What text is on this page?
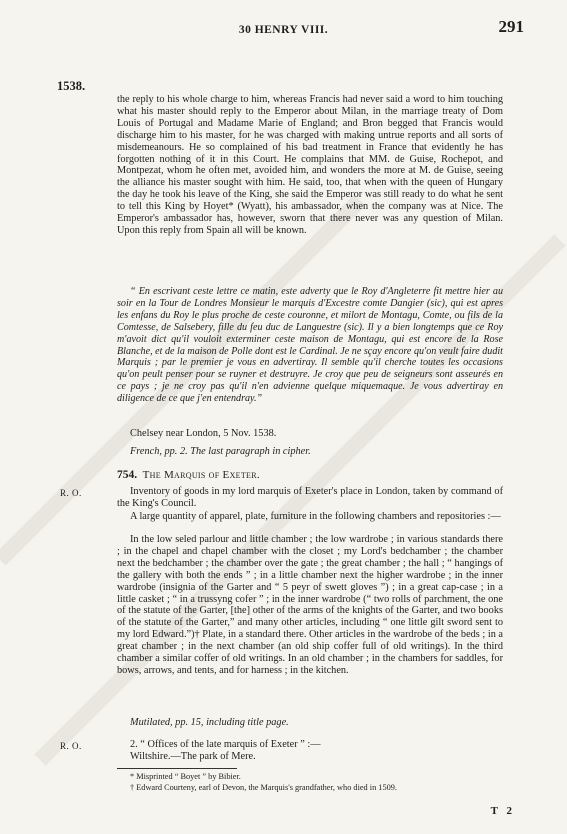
30 HENRY VIII.	291
1538.

the reply to his whole charge to him, whereas Francis had never said a word to him touching what his master should reply to the Emperor about Milan, in the marriage treaty of Dom Louis of Portugal and Madame Marie of England; and Bron begged that Francis would discharge him to his master, for he was charged with making untrue reports and all sorts of misdemeanours. He so complained of his bad treatment in France that evidently he has forgotten nothing of it in this Court. He complains that MM. de Guise, Rochepot, and Montpezat, whom he often met, avoided him, and wonders the more at M. de Guise, seeing the alliance his master sought with him. He said, too, that when with the queen of Hungary the day he took his leave of the King, she said the Emperor was still ready to do what he sent to tell this King by Hoyet* (Wyatt), his ambassador, when the company was at Nice. The Emperor's ambassador has, however, sworn that there never was any question of Milan. Upon this reply from Spain all will be known.

“ En escrivant ceste lettre ce matin, este adverty que le Roy d'Angleterre fit mettre hier au soir en la Tour de Londres Monsieur le marquis d'Excestre comte Dangier (sic), qui est apres les enfans du Roy le plus proche de ceste couronne, et milort de Montagu, Comte, ou fils de la Comtesse, de Salsebery, fille du feu duc de Languestre (sic). Il y a bien longtemps que ce Roy m'avoit dict qu'il vouloit exterminer ceste maison de Montagu, qui est encore de la Rose Blanche, et de la maison de Polle dont est le Cardinal. Je ne sçay encore qu'on veult faire dudit Marquis ; par le premier je vous en advertiray. Il semble qu'il cherche toutes les occasions qu'on peult penser pour se ruyner et destruyre. Je croy que peu de seigneurs sont asseurés en ce pays ; je ne croy pas qu'il n'en advienne quelque miquemaque. Je vous advertiray en diligence de ce que j'en entendray.”

Chelsey near London, 5 Nov. 1538.

French, pp. 2. The last paragraph in cipher.

754. The Marquis of Exeter.
R. O.	Inventory of goods in my lord marquis of Exeter's place in London, taken by command of the King's Council.

A large quantity of apparel, plate, furniture in the following chambers and repositories :—

In the low seled parlour and little chamber ; the low wardrobe ; in various standards there ; in the chapel and chapel chamber with the closet ; my Lord's bedchamber ; the chamber next the bedchamber ; the chamber over the gate ; the great chamber ; the hall ; “ hangings of the gallery with both the ends ” ; in a little chamber next the higher wardrobe ; in the inner wardrobe (insignia of the Garter and “ 5 peyr of swett gloves ”) ; in a great cap-case ; in a little casket ; “ in a trussyng cofer ” ; in the inner wardrobe (“ two rolls of parchment, the one of the statute of the Garter, [the] other of the arms of the knights of the Garter, and two books of the statute of the Garter,” and many other articles, including “ one little gilt sword sent to my lord Edward.”)† Plate, in a standard there. Other articles in the wardrobe of the beds ; in a great chamber ; in the next chamber (an old ship coffer full of old writings). In the third chamber a similar coffer of old writings. In an old chamber ; in the chambers for saddles, for bows, arrows, and tents, and for harness ; in the kitchen.

Mutilated, pp. 15, including title page.

R. O.	2. “ Offices of the late marquis of Exeter ” :—

Wiltshire.—The park of Mere.

* Misprinted “ Boyet ” by Bibier.
† Edward Courteny, earl of Devon, the Marquis's grandfather, who died in 1509.
T 2
